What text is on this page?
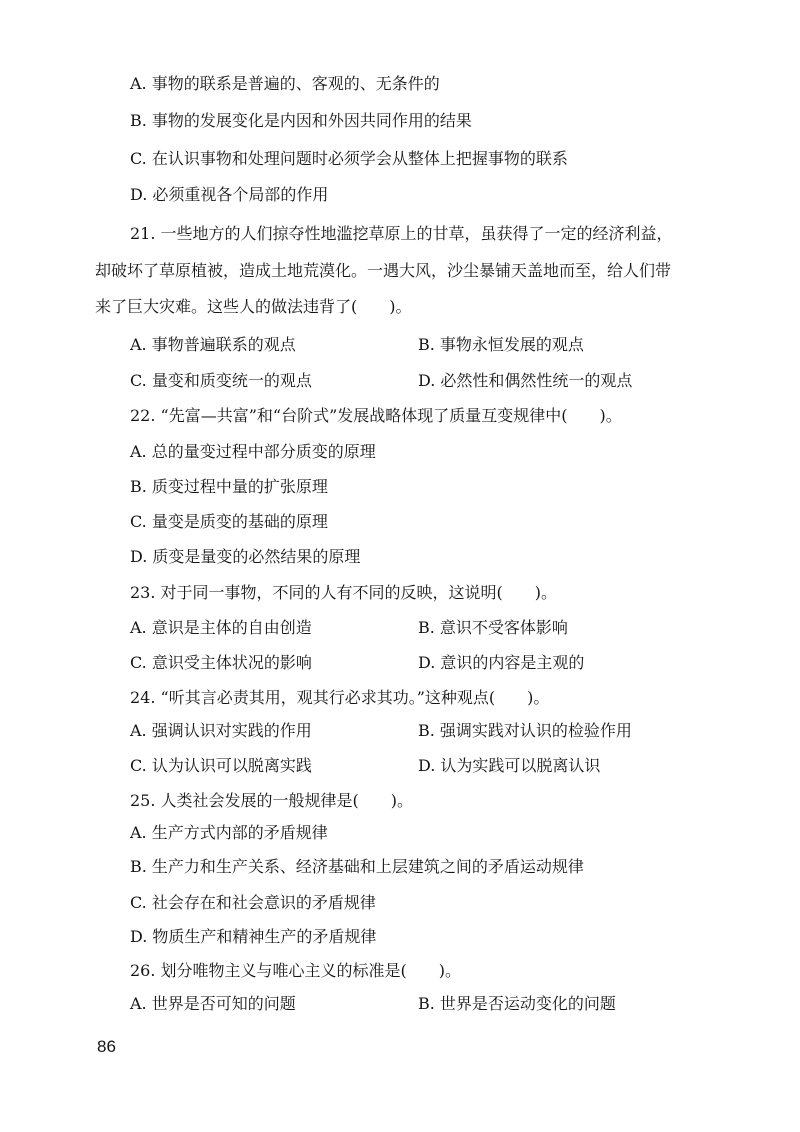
A. 事物的联系是普遍的、客观的、无条件的
B. 事物的发展变化是内因和外因共同作用的结果
C. 在认识事物和处理问题时必须学会从整体上把握事物的联系
D. 必须重视各个局部的作用
21. 一些地方的人们掠夺性地滥挖草原上的甘草，虽获得了一定的经济利益，
却破坏了草原植被，造成土地荒漠化。一遇大风，沙尘暴铺天盖地而至，给人们带
来了巨大灾难。这些人的做法违背了(　　)。
A. 事物普遍联系的观点	B. 事物永恒发展的观点
C. 量变和质变统一的观点	D. 必然性和偶然性统一的观点
22. “先富—共富”和“台阶式”发展战略体现了质量互变规律中(　　)。
A. 总的量变过程中部分质变的原理
B. 质变过程中量的扩张原理
C. 量变是质变的基础的原理
D. 质变是量变的必然结果的原理
23. 对于同一事物，不同的人有不同的反映，这说明(　　)。
A. 意识是主体的自由创造	B. 意识不受客体影响
C. 意识受主体状况的影响	D. 意识的内容是主观的
24. “听其言必责其用，观其行必求其功。”这种观点(　　)。
A. 强调认识对实践的作用	B. 强调实践对认识的检验作用
C. 认为认识可以脱离实践	D. 认为实践可以脱离认识
25. 人类社会发展的一般规律是(　　)。
A. 生产方式内部的矛盾规律
B. 生产力和生产关系、经济基础和上层建筑之间的矛盾运动规律
C. 社会存在和社会意识的矛盾规律
D. 物质生产和精神生产的矛盾规律
26. 划分唯物主义与唯心主义的标准是(　　)。
A. 世界是否可知的问题	B. 世界是否运动变化的问题
86
